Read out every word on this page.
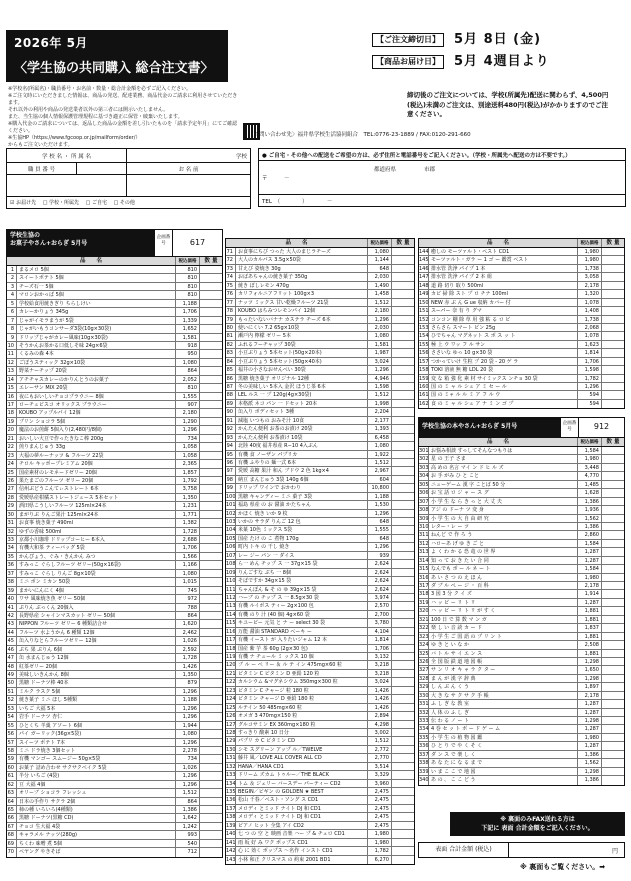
2026年 5月
〈学生協の共同購入 総合注文書〉
【ご注文締切日】	5月 8日 (金)
【商品お届け日】	5月 4週目より
※学校名(所属名)・職員番号・お名前・数量・総合計金額を必ずご記入ください。
※ご注文時にいただきました情報は、商品の発送、配達業務、商品代金のご請求に利用させていただきます。
それ以外の利用や商品の発送業者以外の第三者には開示いたしません。
また、当生協の個人情報保護管理規程に基づき適正に保管・破棄いたします。
※購入代金のご請求については、返品した商品の金額を差し引いたものを「請求予定年月」にてご確認ください。
※生協HP（https://www.fgcoop.or.jp/mailform/order/）
からもご注文いただけます。
締切後のご注文については、学校(所属先)配送に関わらず、4,500円(税込)未満のご注文は、別途送料480円(税込)がかかりますのでご注意ください。
〈お問い合わせ先〉福井県学校生活協同組合　TEL:0776-23-1889 / FAX:0120-291-660
学 校 名 ・ 所 属 名		学校
職 員 番 号		お 名 前

☑ お届け先　 □ 学校・所属先　 □ ご自宅　 □ その他		
● ご自宅・その他への配送をご希望の方は、必ず住所と電話番号をご記入ください。（学校・所属先へ配送の方は不要です。）
〒　　　－
都道府県	市郡

TEL　（　　　　）　　　　－
学校生協の
お菓子やさん+おらぎ 5月号
企画番号	617
品　　名	税込価格	数 量
1	まるメロ 5個	810
2	スイートポテト 5個	810
3	チーズ石一 5個	810
4	マロンおかっぱ 5個	810
5	学校給食用焼きぎり ちらしけい	1,188
6	カレーかりょう 345g	1,706
7	じゃがイモラまうが 5袋	1,339
8	じゃがいもうコンサーダ3袋(10g×30袋)	1,652
9	ドリップじゃがカレー風味(10g×30袋)	1,581
10	そうかんお茶かる口低しそ味 24g×6袋	918
11	くるみの森 4本	950
12	ごぼうスティック 32g×10袋	1,080
13	野菜ナーチップ 20袋	864
14	アチチャスカレーのかりんとうのお菓子	2,052
15	エレーサン MIX 20袋	810
16	夜にもおいしいチョコプラウニー 8個	1,555
17	ローチュビスコ オリックス ブラウニー	907
18	KOUBO アップルパイ 12個	2,180
19	プリン ショコラ 5個	1,290
20	魔法のお煎餅 5個入り(2,480円/8個)	1,296
21	おいしい大豆で作ったきなこ棒 200g	734
22	煎りまんじゅう 33g	1,058
23	大福の夢ルーナッツ & フルーツ 22袋	1,058
24	チロル キッポープレミアム 20個	2,365
25	国産素材のレモネードゼリー 20個	1,857
26	果たまごのフルーツ ゼリー 20個	1,792
27	信州ぶどうこんてぃストレート 6本	3,758
28	愛媛県産柑橘ストレートジュース 5本セット	1,350
29	酒田県こうしいフルーツ 125ml×24本	1,231
30	まがりぶ りんご果汁 125ml×24本	1,771
31	お食事 焼き菓子 490ml	1,382
32	ゆずの香味 500ml	1,728
33	京都小川珈琲 ドリップコーヒー 6本入	2,688
34	有機大和茶 ティーバッグ 5袋	1,706
35	かんぴょう、ぐみ・きんかん みつ	1,566
36	すみっこ ぐらしフルーツ ゼリー(50g×16袋)	1,166
37	すみっこ ぐらし りんご 8g×10袋	1,080
38	ミニ ポン ミカン 50袋	1,015
39	まかいにんにく 4個	745
40	ワサ 風味焼き魚 ゼリー 50個	972
41	ぷりん ぷっくん 20個入	788
42	長野県産 シャインマスカット ゼリー 50個	864
43	NIPPON フルーツ ゼリー 6 種類詰合せ	1,620
44	フルーツ 水ようかん 6 種類 12個	2,462
45	缶入りなとらフルーツゼリー 12個	1,026
46	ぷち 果 ぷりん 6個	2,592
47	缶 水まんじゅう 12個	1,728
48	紅茶ゼリー 20個	1,426
49	美味しいきんかん 8個	1,350
50	黒糖 ドーナツ棒 40本	879
51	ミルク ラスク 5個	1,296
52	焼き菓子 ミニ ほし 5種類	1,188
53	いちご 大福 5本	1,296
54	岩手 ドーナツ 杏仁	1,296
55	ひとくち 羊羹 アソート 6個	1,944
56	パイ ガーリック(36g×5袋)	1,080
57	スイーツ ポテト 7本	1,296
58	ミニ ドラ焼き 3個セット	2,278
59	有機 マンゴー スムージー 50g×5袋	734
60	お菓子 詰め合わせ サクサクベイク 5袋	1,026
61	半分 いちご (4袋)	1,296
62	豆 大福 4個	1,296
63	オリーブ ショコラ フレッシュ	1,512
64	日本の手作り サクラ 2個	864
65	柿の種 いろいろ(4種類)	1,386
66	黒糖 ドーナツ(黒糖 CD)	1,642
67	チョコ 生大福 4袋	1,242
68	キャラメル ナッツ(280g)	993
69	ちくわ 味噌 煮 5個	540
70	ベヤング やきそば	712
品　　名	税込価格	数 量
71	お食事にちび つった 大人のまじラチーズ	1,080
72	大人のカルパス 3.5g×50袋	1,144
73	甘えび 姿焼き 30g	648
74	おばあちゃんの焼き菓子 350g	2,030
75	焼き ぼしレモン 470g	1,490
76	カリフォルニアフリット 100g×3	1,458
77	ナッツ ミックス 甘い乾燥フルーツ 21袋	1,512
78	KOUBO はちみつレモンパイ 12個	2,180
79	もったいないバナナ カステラ チーズ 6本	1,296
80	使いにくい 7.2 65g×10袋	2,030
81	瀬戸内 檸檬 ゼリー 5本	1,080
82	ふれるフーチャップ 30袋	1,581
83	小豆ぶりょう 5本セット(50g×20本)	1,987
84	小豆ぶりょう 5本セット(50g×40本)	3,024
85	福井の小さなおせんべい 30袋	1,296
86	黒糖 焼き菓子 オリジナル 12種	4,946
87	冬の美味しい 5本入 金沢 ほうじ茶 6本	1,598
88	LEL ルス 一 プ 120g(4g×30袋)	1,512
89	本格派 ネコ パン 一 ドセット 20本	1,998
90	缶入り ボディセット 3種	2,204
91	減塩 いつもの おみそ汁 10食	2,177
92	かんたん便利 お茶のお漬け 20袋	1,393
93	かんたん便利 お茶漬け 10袋	6,458
94	北陸 40度 福井県産 R−10 4入ぶん	1,080
95	有機 食 ノーザン パプリカ	1,922
96	有機 ふやりの 麺一式 6本	1,512
97	愛媛 高糖 果汁 和ん ブドウ 2 色 1kg×4	2,967
98	納豆 まんじゅう 3袋 140g 6個	604
99	ドリップ ワインで おかわり	10,800
100 黒糖 キャンディー ミニ 菓子 3袋	1,188
101 福島 県産 の お 醤油 かたちゃん	1,530
102 かほく 焼き いか 9 枚	1,296
103 いかの サラダ りんご 12 包	648
104 米菓 10色 ミックス 5袋	1,555
105 国産 たけ の こ 煮物 170g	648
106 町内 トキ の 干し 焼き	1,296
107 レー ジー パン 一 ダイス	939
108 ら一 めん チップ ス 一 37g×15 袋	2,624
109 りんごすな ぷち 一 8個	2,624
110 そばですか 34g×15 袋	2,624
111 ちゃんぽん & そ の ゆ 39g×15 袋	2,624
112 ハーブ の チップ ス 一 8.5g×30 袋	3,974
113 有機 ルイボス ティー 2g×100 包	2,570
114 有機 のり 汁 (40 個) 4g×60 袋	2,700
115 キユーピー 元気 と ナ ー select 30 袋	3,780
116 万能 醤油 STANDARD ベーキ ー	4,104
117 有機 イースト が 入りたいジャム 12 本	1,814
118 国産 紫 芋 茶 60g (2g×30 包)	1,706
119 有機 ナ チュール ミ ックス 10 個	3,132
120 ブ ル ー ベ リー ＆ ル テ イン 475mg×60 粒	3,218
121 ビタミン C ビタミン D 亜鉛 120 粒	3,218
122 カルシウム &マグネシウム 350mg×300 粒	3,024
123 ビタミン C チャージ 粒 180 粒	1,426
124 ビタミン チャージ D 亜鉛 180 粒	1,426
125 ルテイン 50 485mg×60 粒	1,426
126 オメガ 3 470mg×150 粒	2,894
127 グルコサミン EX 360mg×180 粒	4,298
128 すっきり 酸素 10 日分	3,002
129 パプリ カ C ビタミン CD	1,512
130 シモ スグリーン アップ ル／TWELVE	2,772
131 藤井 風／LOVE ALL COVER ALL CD	2,770
132 HANA／HANA CD1	3,514
133 ドリーム ズカム トゥルー／THE BLACK	3,329
134 トム ＆ ジェリー バースデー パーティー CD2	3,960
135 BEGIN／ビギン の GOLDEN ★ BEST	2,475
136 松山 千春／ベスト・ソング ス CD1	2,475
137 メロディ とミッド ナイト DJ 和 CD1	2,475
138 メロディ とミッド ナイト DJ 和 CD1	2,475
139 ピアノ ヒット 全集 アイ CD2	2,475
140 七 つ の 空 と 映画 音楽 ハー プ & チェロ CD1	1,980
141 雨 坂 好 み ワク ポップス CD1	1,980
142 心 に 効く ポップス 〜名作 インスト CD1	1,782
143 小林 和正 クリスマス の 約束 2001 BD1	6,270
品　　名	税込価格	数 量
144 癒しの モーツァルト・ベスト CD1	1,980
145 モーツァルト・ガラ ー 1 ゴ ー 鑑賞 ベスト	1,980
146 排水管 洗浄 パイプ 1 本	1,738
147 排水管 洗浄 パイプ 2 本 組	3,058
148 道 路 切り 取り 500ml	2,178
149 カビ 掃 除 スト プ ロ チナ 100ml	1,320
150 NEW 赤 ぶ ん G ue 収納 カバー 付	1,078
151 スーパー 奈 有 り グマ	1,408
152 コンコン 棚 除 草 用 強 粘 る ロ ピ	1,738
153 さらさら スマート ピン 25g	2,068
154 ひでちゃん マグネット ス ポ ス ッ ト	1,078
155 極 上 ウ ワッ フ ル サン	1,623
156 ささいな ゆっ 10 g×30 袋	1,814
157 つかっていけ 生粒 プ 20 袋 - 20 ゲ ラ	1,706
158 TOKI 溶液 無 糖 LDL 20 袋	1,598
159 変 な 箱 強 化 素 材 サイミックス ンチョ 30 袋	1,782
160 国 の ミ ャ ル シュ ア ミ セ ー ル	1,296
161 国 の ミャ ル ル ミ ア フ ル ウ	594
162 食 の ミ ャ ル シュ ア ナ ミ ン ゴ プ	594
学校生協の本やさん+おらぎ 5月号	企画番号	912
品　　名	税込価格	数 量
301 お悩み相談 すっしてそんなつもりは	1,584
302 星 の 王子 さま	1,980
303 高 めの 名言 マイ ン ド ヒ ル ズ	3,448
304 お 手 がみ ひ と こと	4,770
305 ニューゲーム 漢 字 ことば 50 分	1,485
306 お 宝 話 ロ ジ ャ ー ス グ	1,628
307 小 学 生 な ら き っ と 大 丈 夫	1,386
308 アジ の ドーナ ツ 変 身	1,936
309 小 学 生 の 大 自 由 研 究	1,562
310 レター・レ ー ツ	1,386
311 ねんど で 作 ろ う	2,860
312 ハローあ げ ゆ き ご と	1,584
313 よ く わ か る 恐 竜 の 世 界	1,287
314 知 っ て お き た い 合 同	1,287
315 なんでも ポ ー ル ネ ー ト	1,584
316 あ い さ つ の え ほ ん	1,980
317 ダ ブ ル ぺ ー ジ ・ 百 科	2,178
318 3 図 3 分 ク イ ズ	1,914
319 ハ ッ ピ ー リ ト リ	1,287
320 ハ ッ ピ ー リ ト リ が す く	1,881
321 100 日 で 算 数 マ ン ガ	1,881
322 楽 し い 音 読 カ ー ド	1,837
323 小 学 生 ご 国 語 の プ リ ン ト	1,881
324 ゆ き と い な か	2,508
325 バ ト ル サ イ エ ン ス	1,881
326 全 国 版 鉄 道 地 図 帳	1,298
327 サ ン リ オ キ ャ ラ ク タ ー	1,650
328 ま ん が 漢 字 辞 典	1,298
329 し ん ぶ ん く う	1,897
330 大 き な サ ク サ ク 手 帳	2,178
331 ふ し ぎ な 教 室	1,287
332 人 体 の ふ し ぎ	1,287
333 伝 わ る ノ ー ト	1,298
334 4 巻 セ ッ ト ボ ー ド ゲ ー ム	1,287
335 小 学 生 の 植 物 図 鑑	1,980
336 ひ と り で や く そ く	1,287
337 ダ ン ス で 楽 し く	1,386
338 あ な た に な る ま で	1,562
339 い ま こ こ で 地 図	1,298
340 あ の 、 こ こ ど う	1,386
※ 裏面のみFAX送れる方は
下記に 表面 合計金額をご記入ください。
表面 合計金額 (税込)	円
※ 裏面もご覧ください。➡
